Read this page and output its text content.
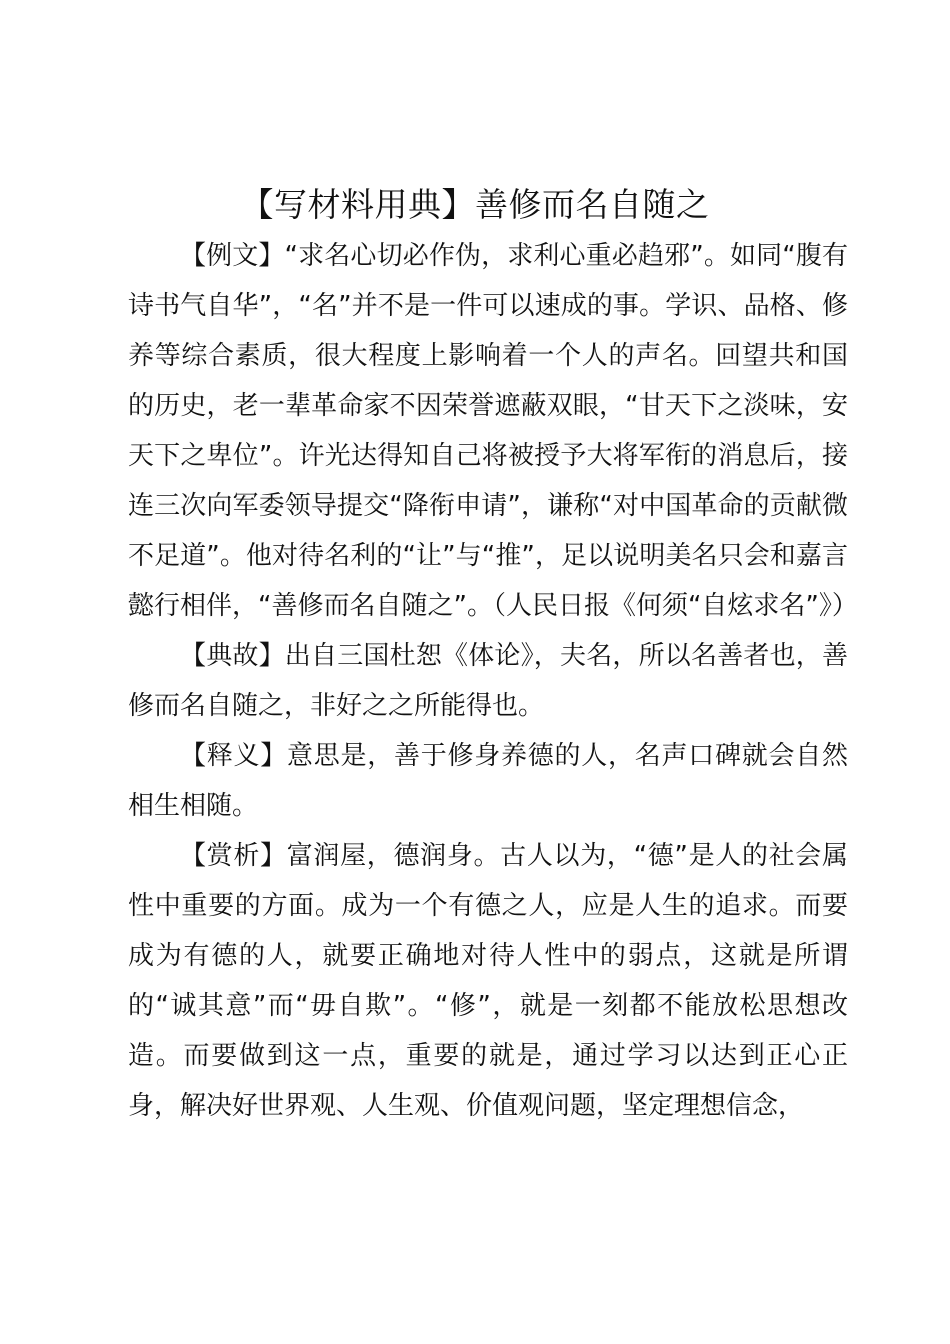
【写材料用典】善修而名自随之

【例文】“求名心切必作伪，求利心重必趋邪”。如同“腹有诗书气自华”，“名”并不是一件可以速成的事。学识、品格、修养等综合素质，很大程度上影响着一个人的声名。回望共和国的历史，老一辈革命家不因荣誉遮蔽双眼，“甘天下之淡味，安天下之卑位”。许光达得知自己将被授予大将军衔的消息后，接连三次向军委领导提交“降衔申请”，谦称“对中国革命的贡献微不足道”。他对待名利的“让”与“推”，足以说明美名只会和嘉言懿行相伴，“善修而名自随之”。（人民日报《何须“自炫求名”》）

【典故】出自三国杜恕《体论》，夫名，所以名善者也，善修而名自随之，非好之之所能得也。

【释义】意思是，善于修身养德的人，名声口碑就会自然相生相随。

【赏析】富润屋，德润身。古人以为，“德”是人的社会属性中重要的方面。成为一个有德之人，应是人生的追求。而要成为有德的人，就要正确地对待人性中的弱点，这就是所谓的“诚其意”而“毋自欺”。“修”，就是一刻都不能放松思想改造。而要做到这一点，重要的就是，通过学习以达到正心正身，解决好世界观、人生观、价值观问题，坚定理想信念，
